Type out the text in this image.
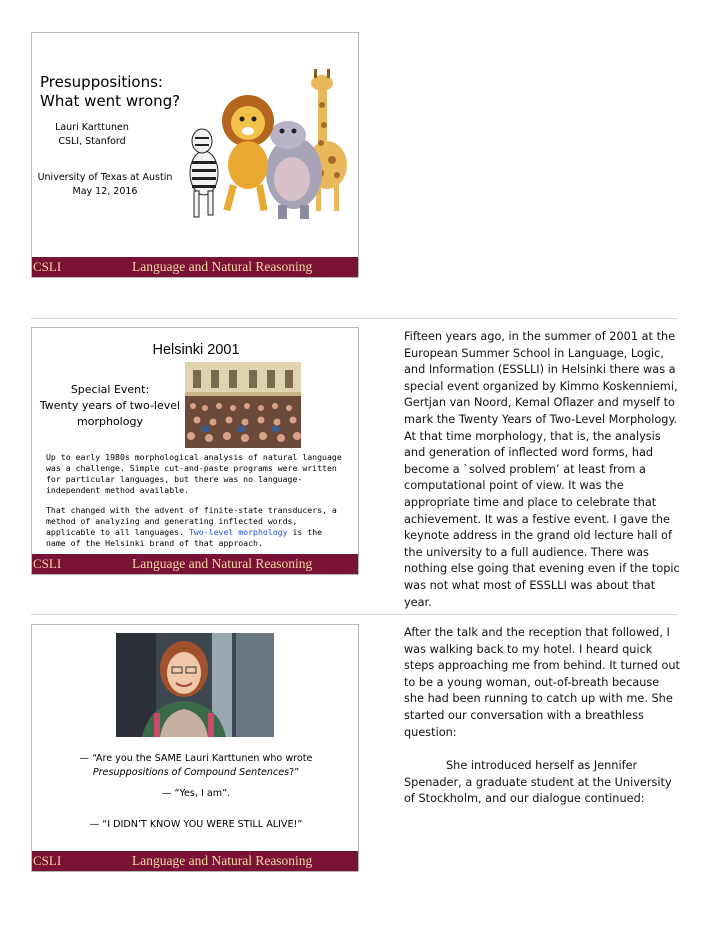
Presuppositions:
What went wrong?
Lauri Karttunen
CSLI, Stanford
University of Texas at Austin
May 12, 2016
CSLI	Language and Natural Reasoning
Helsinki 2001
Special Event:
Twenty years of two-level morphology

Up to early 1980s morphological analysis of natural language was a challenge. Simple cut-and-paste programs were written for particular languages, but there was no language-independent method available.

That changed with the advent of finite-state transducers, a method of analyzing and generating inflected words, applicable to all languages. Two-level morphology is the name of the Helsinki brand of that approach.

CSLI	Language and Natural Reasoning

Fifteen years ago, in the summer of 2001 at the European Summer School in Language, Logic, and Information (ESSLLI) in Helsinki there was a special event organized by Kimmo Koskenniemi, Gertjan van Noord, Kemal Oflazer and myself to mark the Twenty Years of Two-Level Morphology. At that time morphology, that is, the analysis and generation of inflected word forms, had become a `solved problem’ at least from a computational point of view. It was the appropriate time and place to celebrate that achievement. It was a festive event. I gave the keynote address in the grand old lecture hall of the university to a full audience. There was nothing else going that evening even if the topic was not what most of ESSLLI was about that year.

— “Are you the SAME Lauri Karttunen who wrote
Presuppositions of Compound Sentences?”

— “Yes, I am”.

— “I DIDN’T KNOW YOU WERE STILL ALIVE!”

CSLI	Language and Natural Reasoning

After the talk and the reception that followed, I was walking back to my hotel. I heard quick steps approaching me from behind. It turned out to be a young woman, out-of-breath because she had been running to catch up with me. She started our conversation with a breathless question:

She introduced herself as Jennifer Spenader, a graduate student at the University of Stockholm, and our dialogue continued:
